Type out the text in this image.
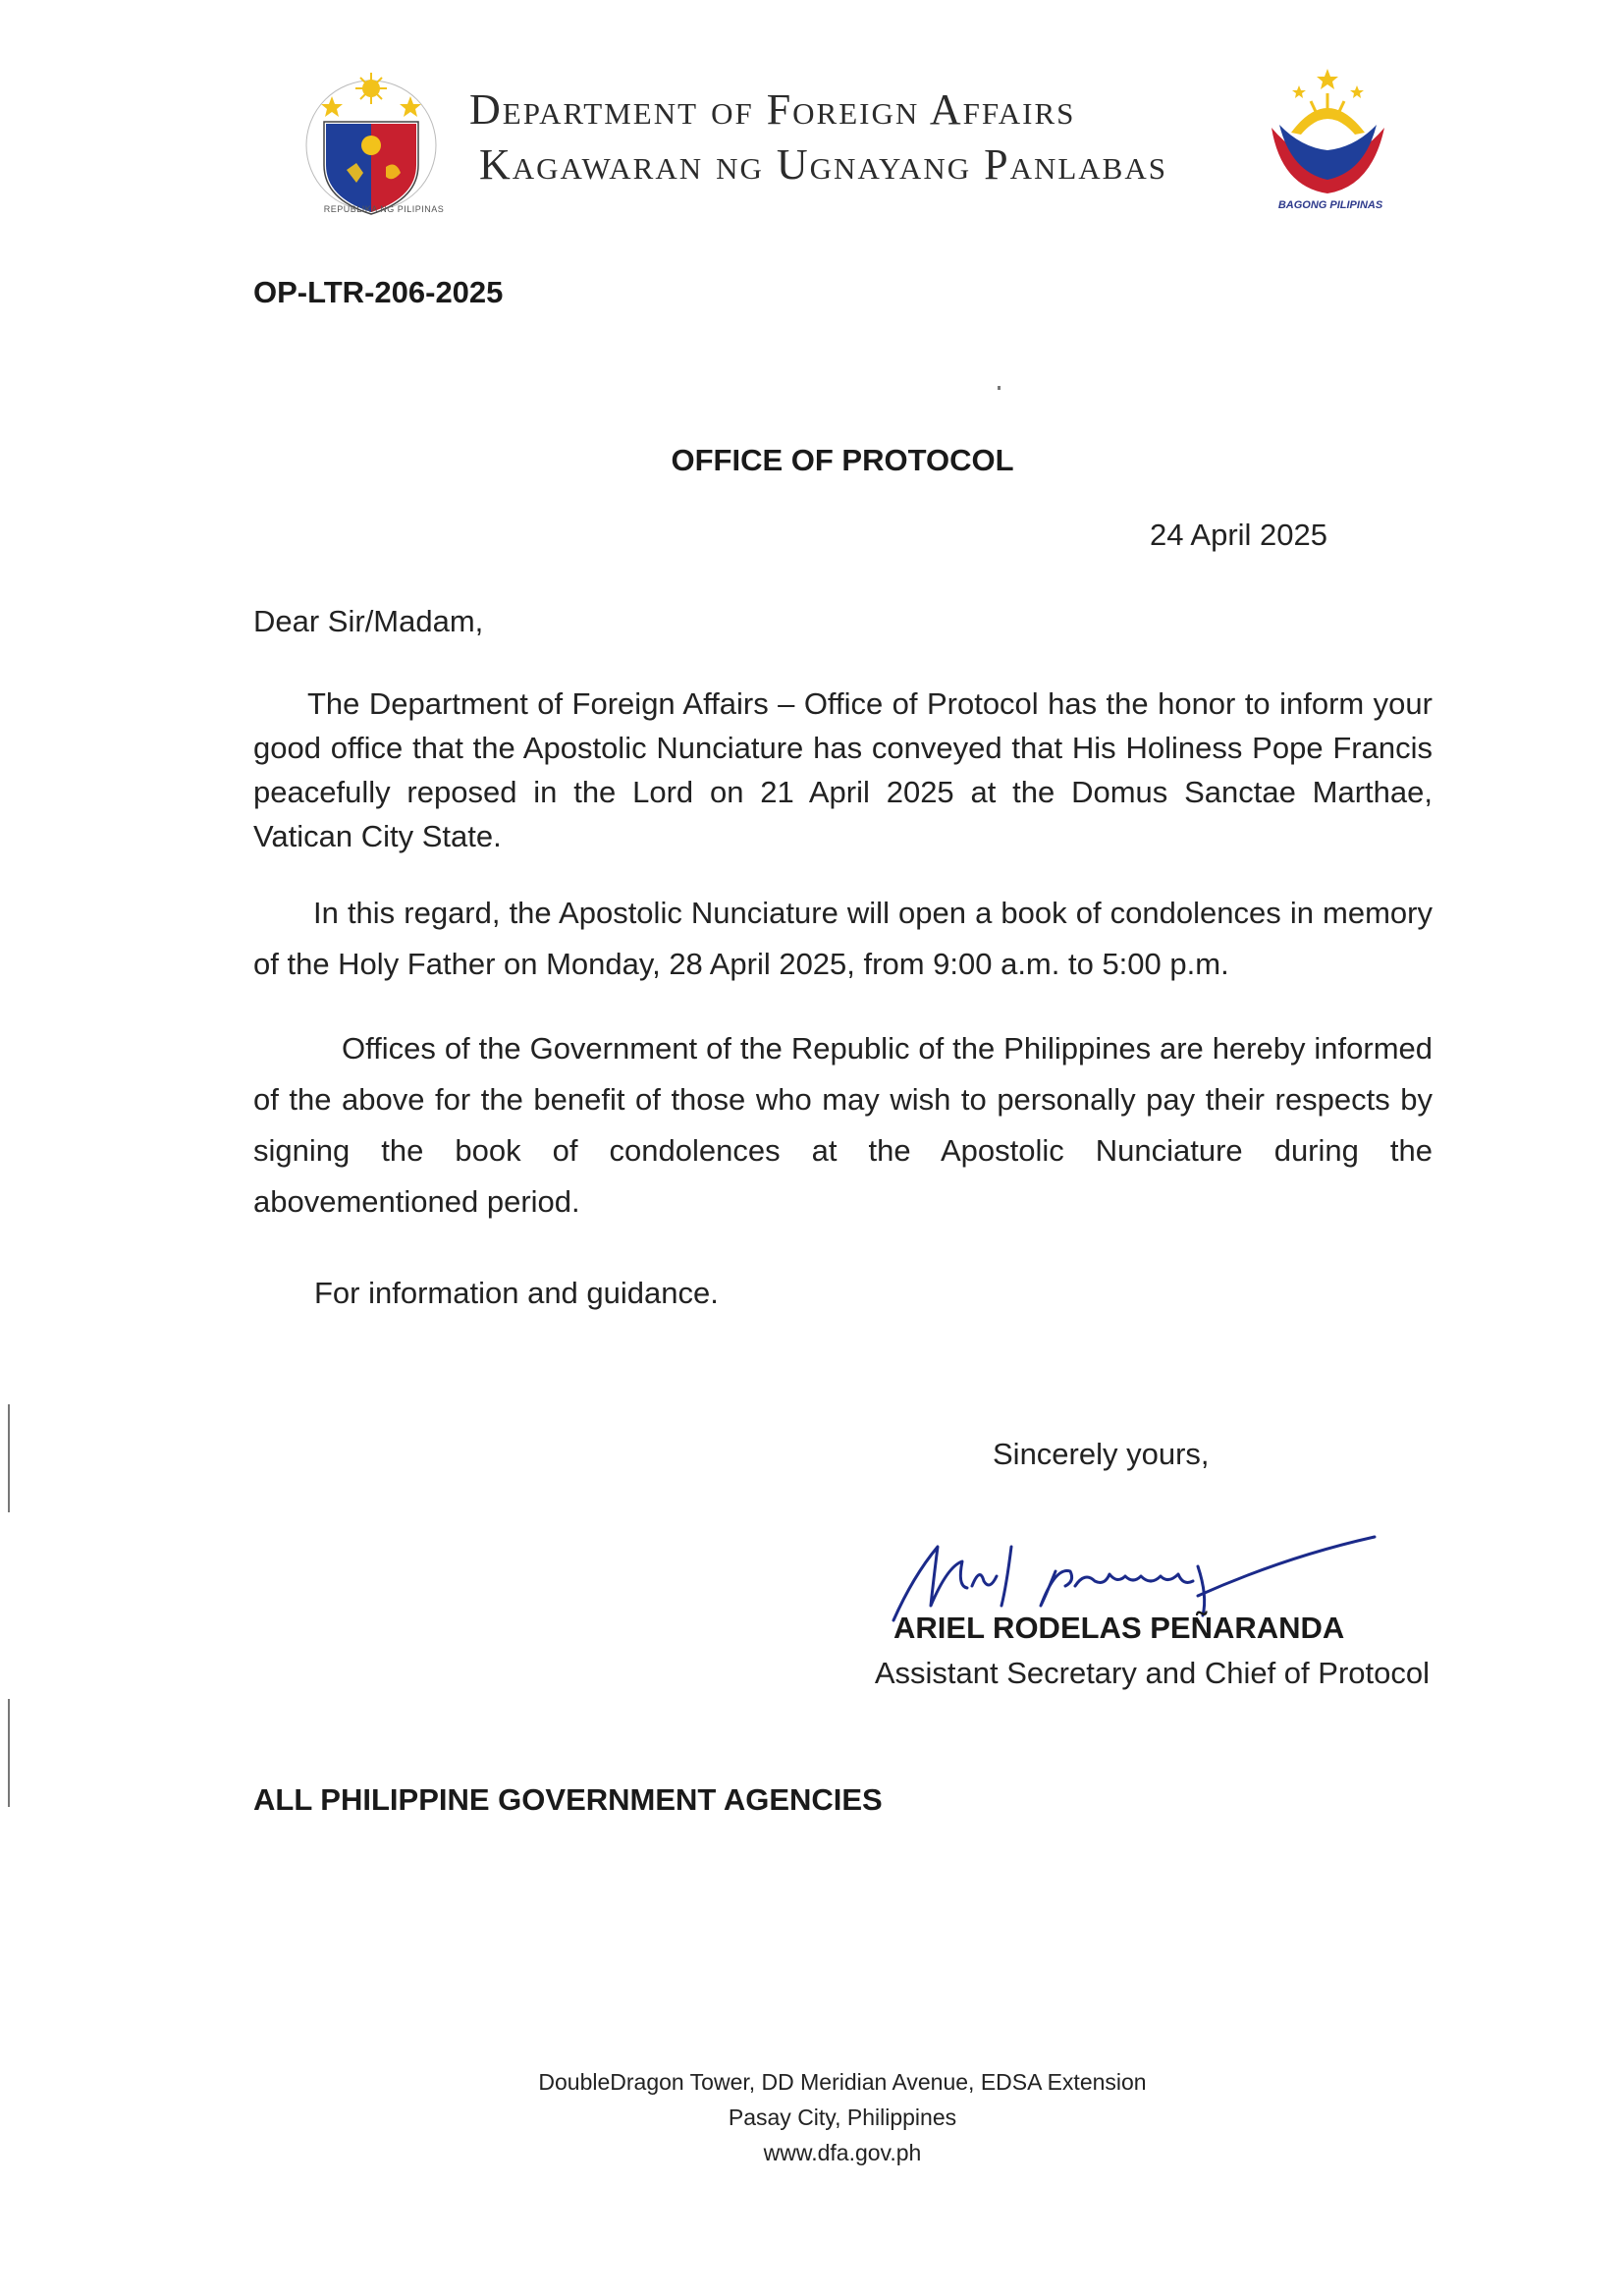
REPUBLIKA NG PILIPINAS
Department of Foreign Affairs
Kagawaran ng Ugnayang Panlabas
BAGONG PILIPINAS
OP-LTR-206-2025
OFFICE OF PROTOCOL
24 April 2025
Dear Sir/Madam,

The Department of Foreign Affairs – Office of Protocol has the honor to inform your good office that the Apostolic Nunciature has conveyed that His Holiness Pope Francis peacefully reposed in the Lord on 21 April 2025 at the Domus Sanctae Marthae, Vatican City State.

In this regard, the Apostolic Nunciature will open a book of condolences in memory of the Holy Father on Monday, 28 April 2025, from 9:00 a.m. to 5:00 p.m.

Offices of the Government of the Republic of the Philippines are hereby informed of the above for the benefit of those who may wish to personally pay their respects by signing the book of condolences at the Apostolic Nunciature during the abovementioned period.

For information and guidance.

Sincerely yours,
ARIEL RODELAS PEÑARANDA
Assistant Secretary and Chief of Protocol
ALL PHILIPPINE GOVERNMENT AGENCIES
DoubleDragon Tower, DD Meridian Avenue, EDSA Extension
Pasay City, Philippines
www.dfa.gov.ph
